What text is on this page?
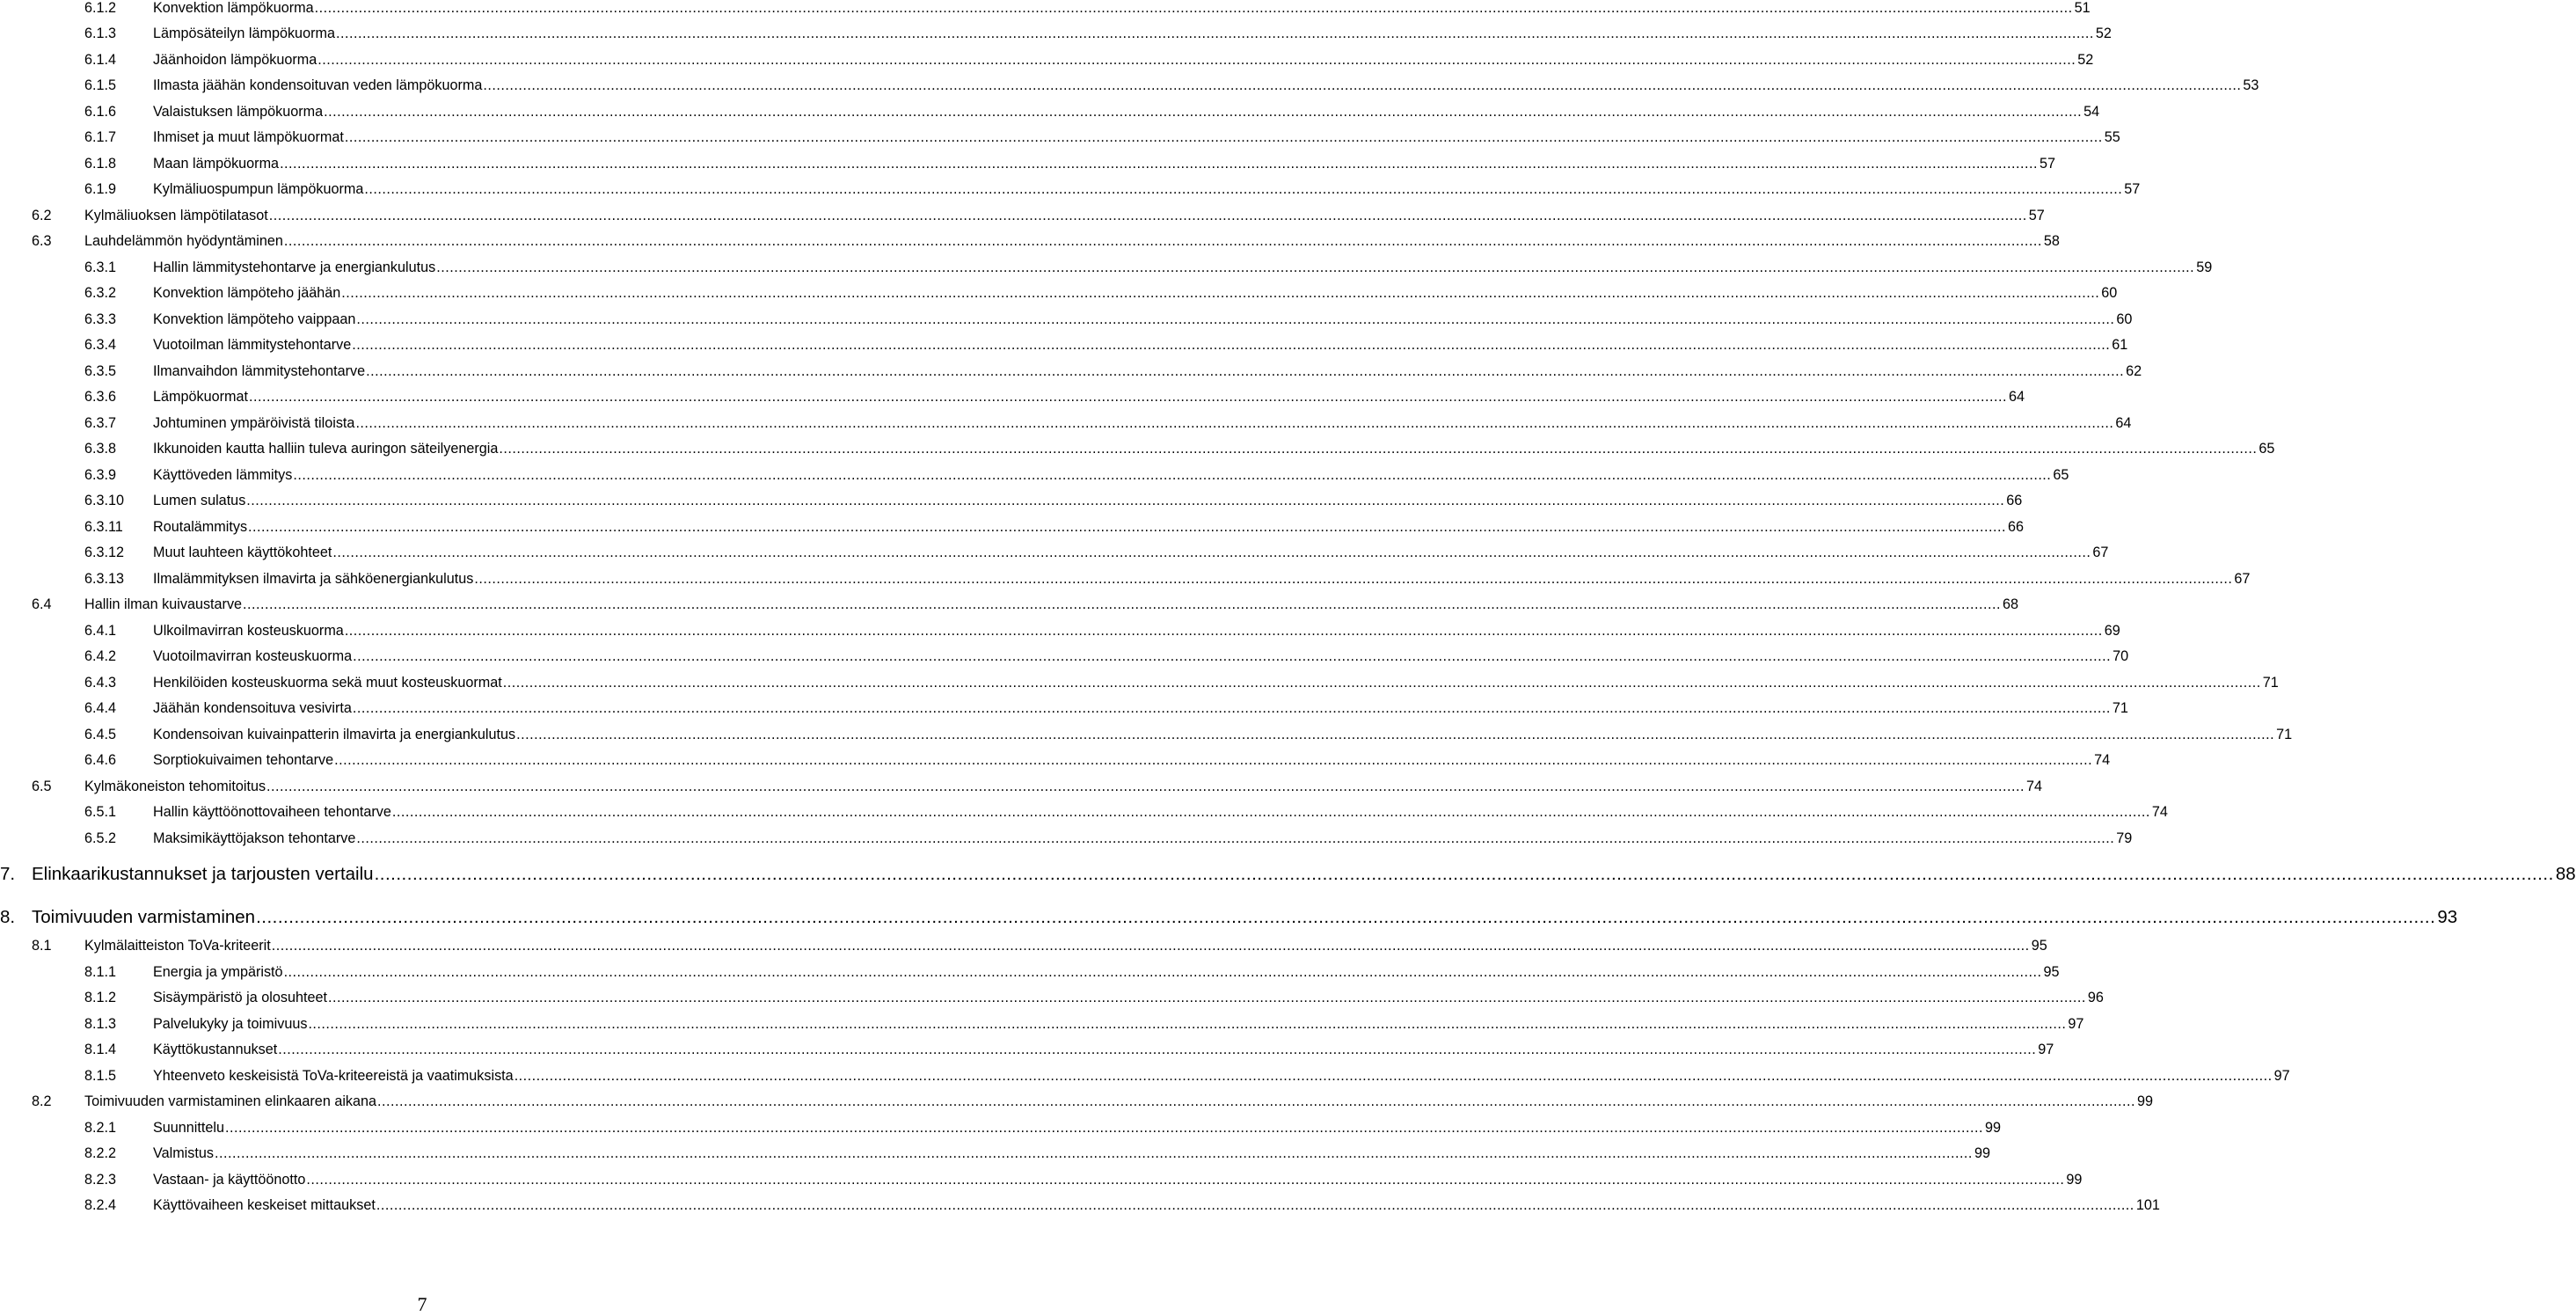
6.1.2	Konvektion lämpökuorma ................................................................................................................................................................................................................................................................................................................................................................................................................ 51
6.1.3	Lämpösäteilyn lämpökuorma ................................................................................................................................................................................................................................................................................................................................................................................................................ 52
6.1.4	Jäänhoidon lämpökuorma ................................................................................................................................................................................................................................................................................................................................................................................................................ 52
6.1.5	Ilmasta jäähän kondensoituvan veden lämpökuorma ................................................................................................................................................................................................................................................................................................................................................................................................................ 53
6.1.6	Valaistuksen lämpökuorma ................................................................................................................................................................................................................................................................................................................................................................................................................ 54
6.1.7	Ihmiset ja muut lämpökuormat ................................................................................................................................................................................................................................................................................................................................................................................................................ 55
6.1.8	Maan lämpökuorma ................................................................................................................................................................................................................................................................................................................................................................................................................ 57
6.1.9	Kylmäliuospumpun lämpökuorma ................................................................................................................................................................................................................................................................................................................................................................................................................ 57
6.2 Kylmäliuoksen lämpötilatasot ................................................................................................................................................................................................................................................................................................................................................................................................................ 57
6.3 Lauhdelämmön hyödyntäminen ................................................................................................................................................................................................................................................................................................................................................................................................................ 58
6.3.1	Hallin lämmitystehontarve ja energiankulutus ................................................................................................................................................................................................................................................................................................................................................................................................................ 59
6.3.2	Konvektion lämpöteho jäähän ................................................................................................................................................................................................................................................................................................................................................................................................................ 60
6.3.3	Konvektion lämpöteho vaippaan ................................................................................................................................................................................................................................................................................................................................................................................................................ 60
6.3.4	Vuotoilman lämmitystehontarve ................................................................................................................................................................................................................................................................................................................................................................................................................ 61
6.3.5	Ilmanvaihdon lämmitystehontarve ................................................................................................................................................................................................................................................................................................................................................................................................................ 62
6.3.6	Lämpökuormat ................................................................................................................................................................................................................................................................................................................................................................................................................ 64
6.3.7	Johtuminen ympäröivistä tiloista ................................................................................................................................................................................................................................................................................................................................................................................................................ 64
6.3.8	Ikkunoiden kautta halliin tuleva auringon säteilyenergia ................................................................................................................................................................................................................................................................................................................................................................................................................ 65
6.3.9	Käyttöveden lämmitys ................................................................................................................................................................................................................................................................................................................................................................................................................ 65
6.3.10 Lumen sulatus ................................................................................................................................................................................................................................................................................................................................................................................................................ 66
6.3.11 Routalämmitys ................................................................................................................................................................................................................................................................................................................................................................................................................ 66
6.3.12 Muut lauhteen käyttökohteet ................................................................................................................................................................................................................................................................................................................................................................................................................ 67
6.3.13 Ilmalämmityksen ilmavirta ja sähköenergiankulutus ................................................................................................................................................................................................................................................................................................................................................................................................................ 67
6.4 Hallin ilman kuivaustarve ................................................................................................................................................................................................................................................................................................................................................................................................................ 68
6.4.1	Ulkoilmavirran kosteuskuorma ................................................................................................................................................................................................................................................................................................................................................................................................................ 69
6.4.2	Vuotoilmavirran kosteuskuorma ................................................................................................................................................................................................................................................................................................................................................................................................................ 70
6.4.3	Henkilöiden kosteuskuorma sekä muut kosteuskuormat ................................................................................................................................................................................................................................................................................................................................................................................................................ 71
6.4.4	Jäähän kondensoituva vesivirta ................................................................................................................................................................................................................................................................................................................................................................................................................ 71
6.4.5	Kondensoivan kuivainpatterin ilmavirta ja energiankulutus ................................................................................................................................................................................................................................................................................................................................................................................................................ 71
6.4.6	Sorptiokuivaimen tehontarve ................................................................................................................................................................................................................................................................................................................................................................................................................ 74
6.5 Kylmäkoneiston tehomitoitus ................................................................................................................................................................................................................................................................................................................................................................................................................ 74
6.5.1	Hallin käyttöönottovaiheen tehontarve ................................................................................................................................................................................................................................................................................................................................................................................................................ 74
6.5.2	Maksimikäyttöjakson tehontarve ................................................................................................................................................................................................................................................................................................................................................................................................................ 79
7. Elinkaarikustannukset ja tarjousten vertailu ................................................................................................................................................................................................................................................................................................................................................................................................................ 88
8. Toimivuuden varmistaminen ................................................................................................................................................................................................................................................................................................................................................................................................................ 93
8.1 Kylmälaitteiston ToVa-kriteerit ................................................................................................................................................................................................................................................................................................................................................................................................................ 95
8.1.1	Energia ja ympäristö ................................................................................................................................................................................................................................................................................................................................................................................................................ 95
8.1.2	Sisäympäristö ja olosuhteet ................................................................................................................................................................................................................................................................................................................................................................................................................ 96
8.1.3	Palvelukyky ja toimivuus ................................................................................................................................................................................................................................................................................................................................................................................................................ 97
8.1.4	Käyttökustannukset ................................................................................................................................................................................................................................................................................................................................................................................................................ 97
8.1.5	Yhteenveto keskeisistä ToVa-kriteereistä ja vaatimuksista ................................................................................................................................................................................................................................................................................................................................................................................................................ 97
8.2 Toimivuuden varmistaminen elinkaaren aikana ................................................................................................................................................................................................................................................................................................................................................................................................................ 99
8.2.1	Suunnittelu ................................................................................................................................................................................................................................................................................................................................................................................................................ 99
8.2.2	Valmistus ................................................................................................................................................................................................................................................................................................................................................................................................................ 99
8.2.3	Vastaan- ja käyttöönotto ................................................................................................................................................................................................................................................................................................................................................................................................................ 99
8.2.4	Käyttövaiheen keskeiset mittaukset ................................................................................................................................................................................................................................................................................................................................................................................................................ 101
7
